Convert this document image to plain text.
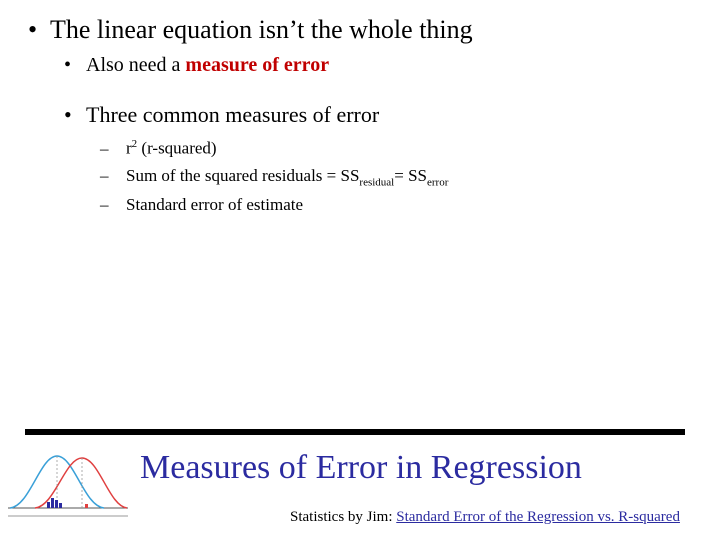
• The linear equation isn’t the whole thing
• Also need a measure of error
• Three common measures of error
– $r^2$ (r-squared)
– Sum of the squared residuals = $SS_{residual}= SS_{error}$
– Standard error of estimate
Measures of Error in Regression
Statistics by Jim: Standard Error of the Regression vs. R-squared
